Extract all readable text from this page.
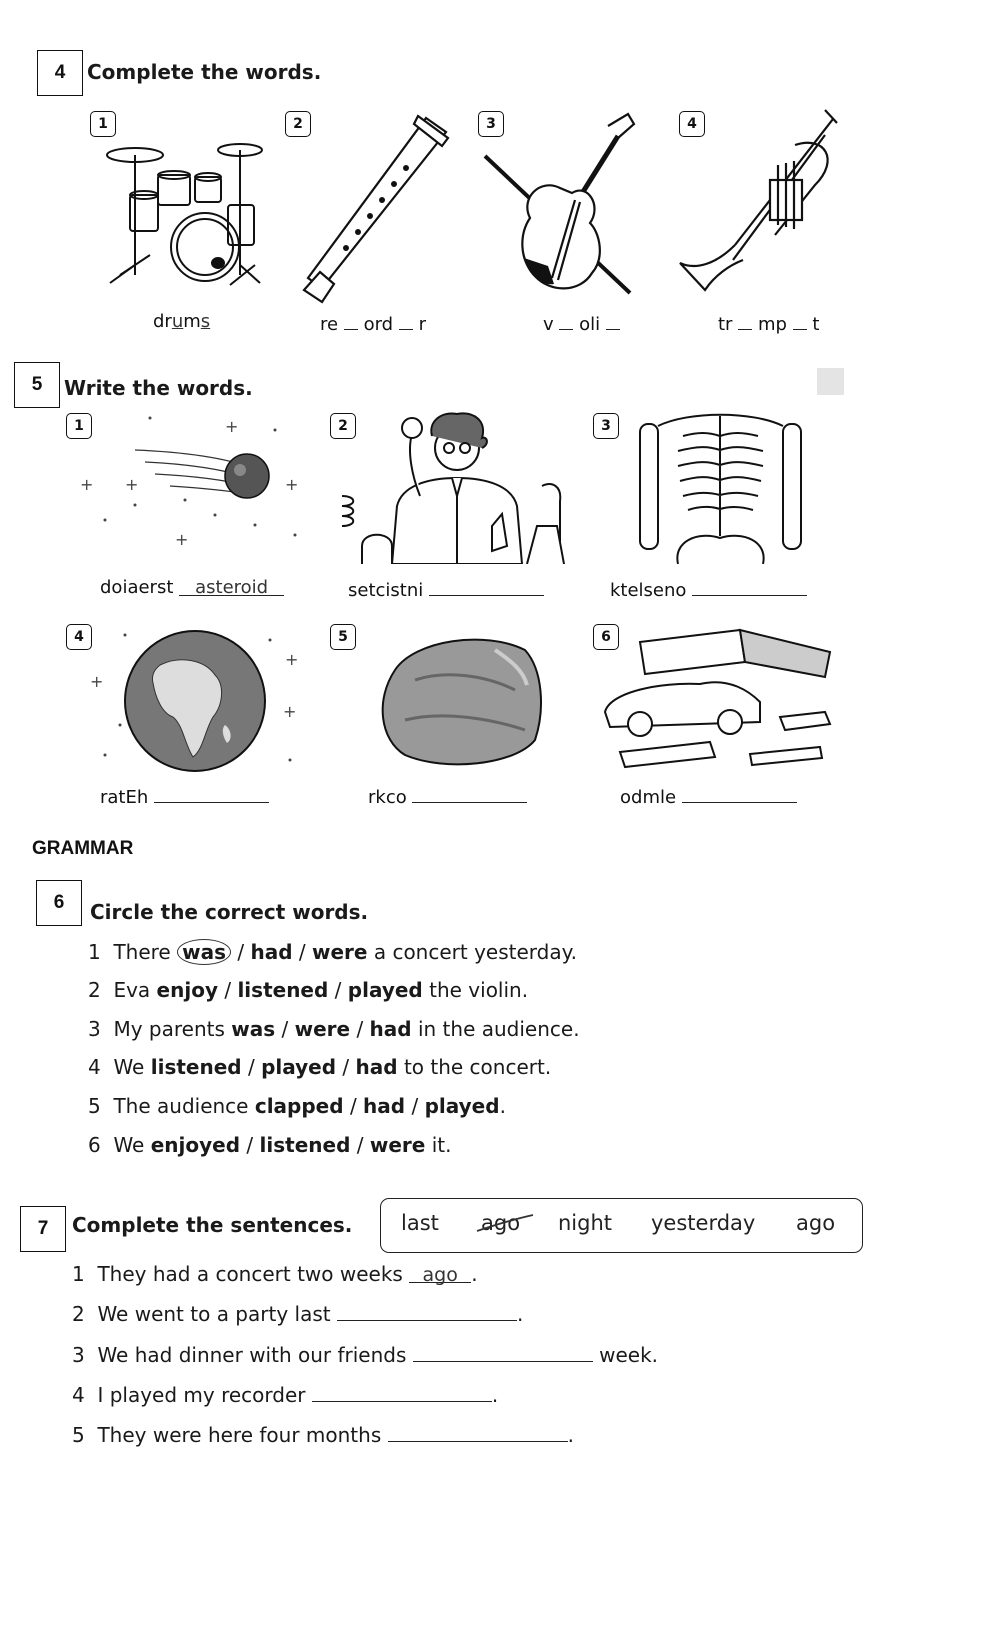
4	Complete the words.
1	2	3	4
drums	re ord r	v oli	tr mp t
5	Write the words.
1	2	3
+
+
+
+
+
doiaerst asteroid	setcistni	ktelseno
4	5	6
+
+
+
ratEh	rkco	odmle
GRAMMAR
6	Circle the correct words.
1 There was / had / were a concert yesterday.
2 Eva enjoy / listened / played the violin.
3 My parents was / were / had in the audience.
4 We listened / played / had to the concert.
5 The audience clapped / had / played.
6 We enjoyed / listened / were it.
7	Complete the sentences. last ago night yesterday ago
1 They had a concert two weeks ago .
2 We went to a party last	.
3 We had dinner with our friends	week.
4 I played my recorder	.
5 They were here four months	.
